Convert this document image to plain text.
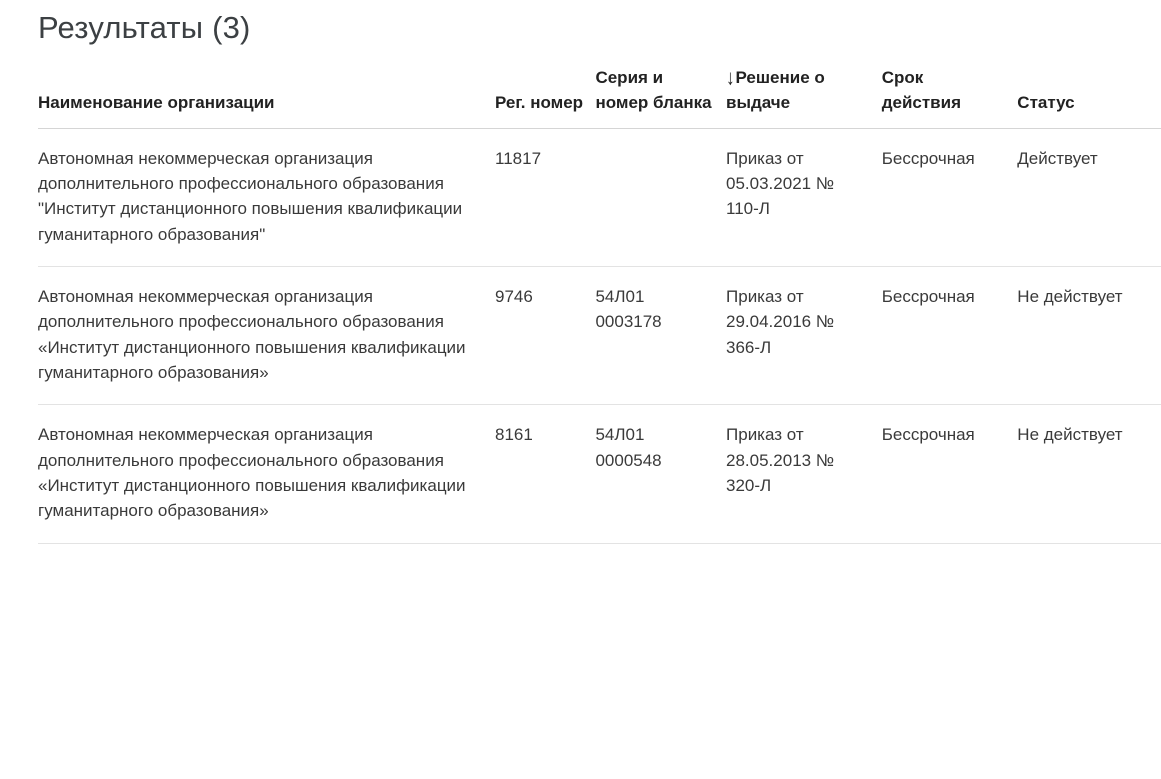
Результаты (3)
Наименование организации	Рег. номер	Серия и номер бланка	↓Решение о выдаче	Срок действия	Статус
Автономная некоммерческая организация дополнительного профессионального образования "Институт дистанционного повышения квалификации гуманитарного образования"	11817		Приказ от 05.03.2021 № 110-Л	Бессрочная	Действует
Автономная некоммерческая организация дополнительного профессионального образования «Институт дистанционного повышения квалификации гуманитарного образования»	9746	54Л01 0003178	Приказ от 29.04.2016 № 366-Л	Бессрочная	Не действует
Автономная некоммерческая организация дополнительного профессионального образования «Институт дистанционного повышения квалификации гуманитарного образования»	8161	54Л01 0000548	Приказ от 28.05.2013 № 320-Л	Бессрочная	Не действует
